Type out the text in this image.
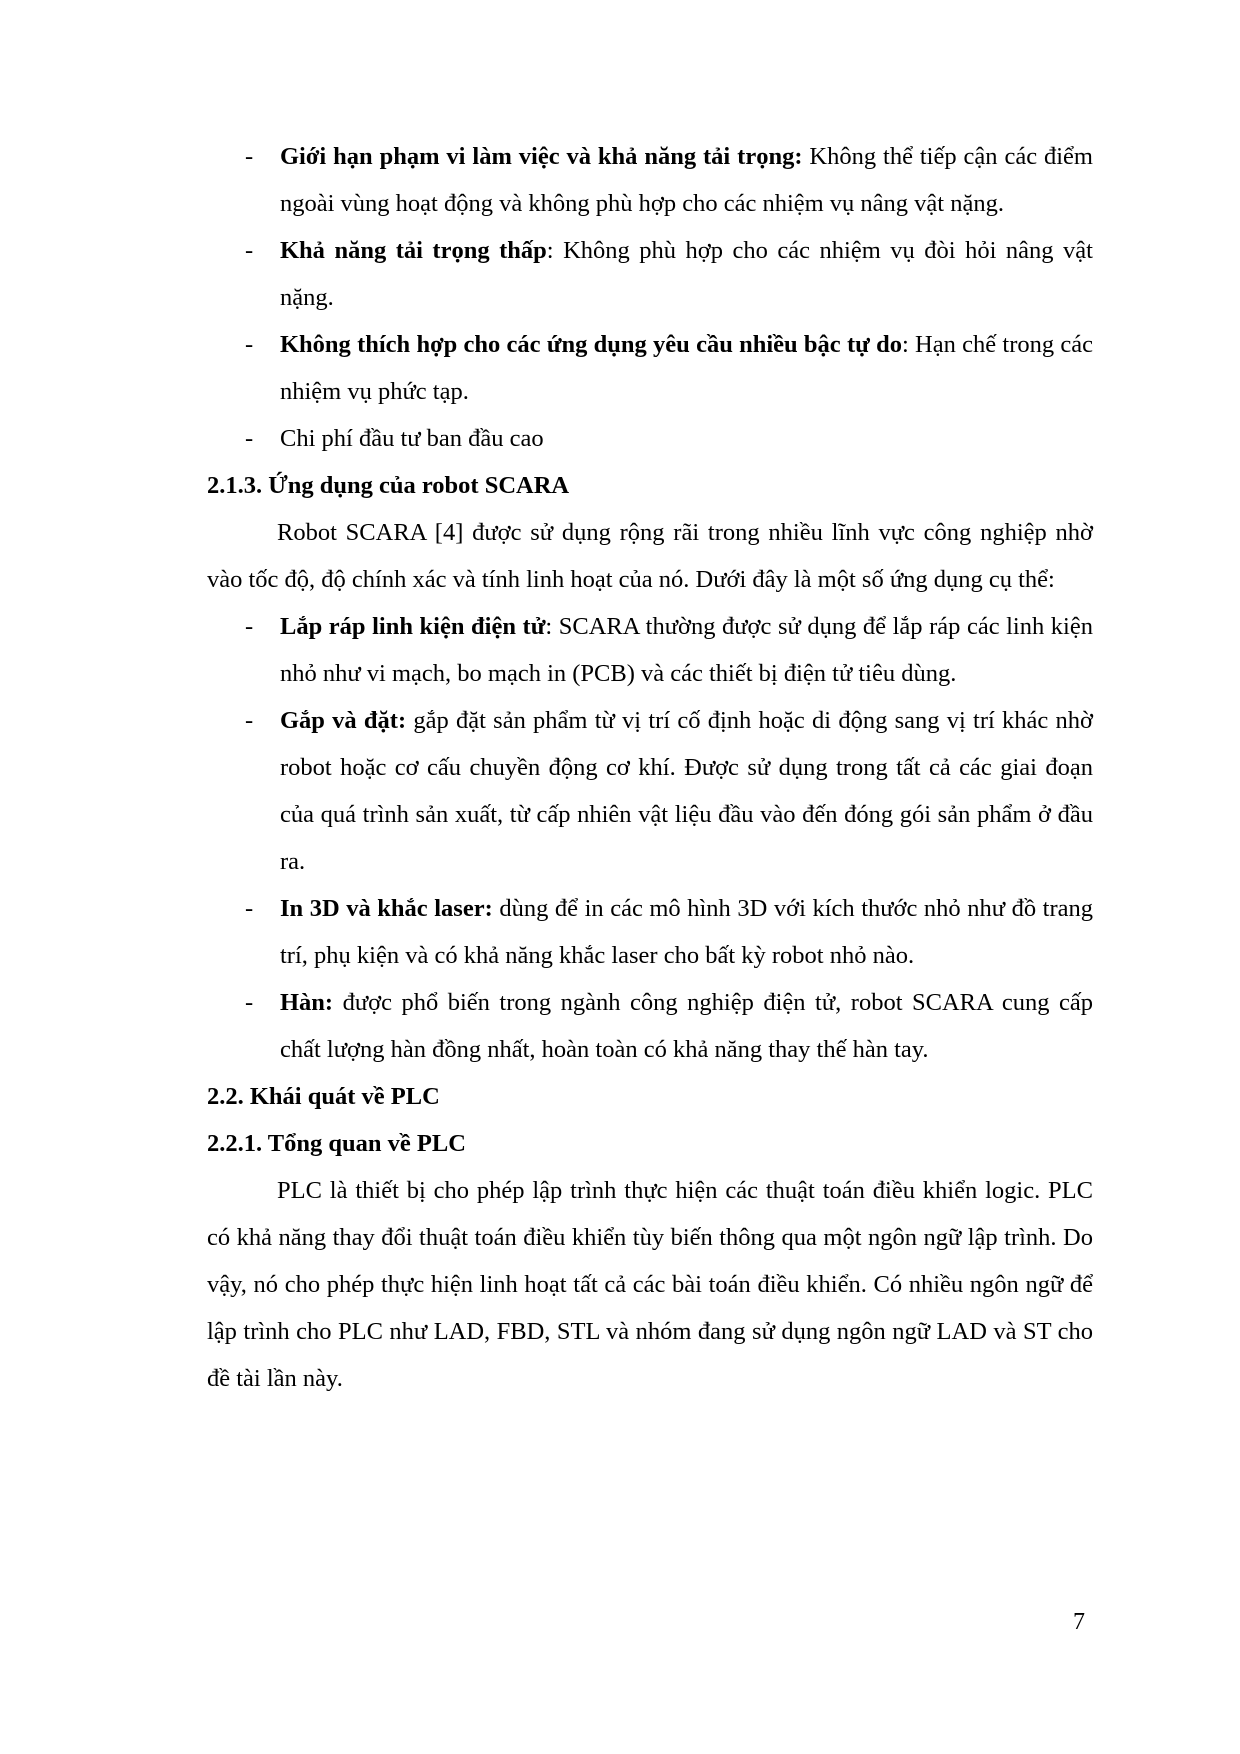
- Giới hạn phạm vi làm việc và khả năng tải trọng: Không thể tiếp cận các điểm ngoài vùng hoạt động và không phù hợp cho các nhiệm vụ nâng vật nặng.
- Khả năng tải trọng thấp: Không phù hợp cho các nhiệm vụ đòi hỏi nâng vật nặng.
- Không thích hợp cho các ứng dụng yêu cầu nhiều bậc tự do: Hạn chế trong các nhiệm vụ phức tạp.
- Chi phí đầu tư ban đầu cao
2.1.3. Ứng dụng của robot SCARA

Robot SCARA [4] được sử dụng rộng rãi trong nhiều lĩnh vực công nghiệp nhờ vào tốc độ, độ chính xác và tính linh hoạt của nó. Dưới đây là một số ứng dụng cụ thể:

- Lắp ráp linh kiện điện tử: SCARA thường được sử dụng để lắp ráp các linh kiện nhỏ như vi mạch, bo mạch in (PCB) và các thiết bị điện tử tiêu dùng.
- Gắp và đặt: gắp đặt sản phẩm từ vị trí cố định hoặc di động sang vị trí khác nhờ robot hoặc cơ cấu chuyền động cơ khí. Được sử dụng trong tất cả các giai đoạn của quá trình sản xuất, từ cấp nhiên vật liệu đầu vào đến đóng gói sản phẩm ở đầu ra.
- In 3D và khắc laser: dùng để in các mô hình 3D với kích thước nhỏ như đồ trang trí, phụ kiện và có khả năng khắc laser cho bất kỳ robot nhỏ nào.
- Hàn: được phổ biến trong ngành công nghiệp điện tử, robot SCARA cung cấp chất lượng hàn đồng nhất, hoàn toàn có khả năng thay thế hàn tay.
2.2. Khái quát về PLC
2.2.1. Tổng quan về PLC

PLC là thiết bị cho phép lập trình thực hiện các thuật toán điều khiển logic. PLC có khả năng thay đổi thuật toán điều khiển tùy biến thông qua một ngôn ngữ lập trình. Do vậy, nó cho phép thực hiện linh hoạt tất cả các bài toán điều khiển. Có nhiều ngôn ngữ để lập trình cho PLC như LAD, FBD, STL và nhóm đang sử dụng ngôn ngữ LAD và ST cho đề tài lần này.

7
